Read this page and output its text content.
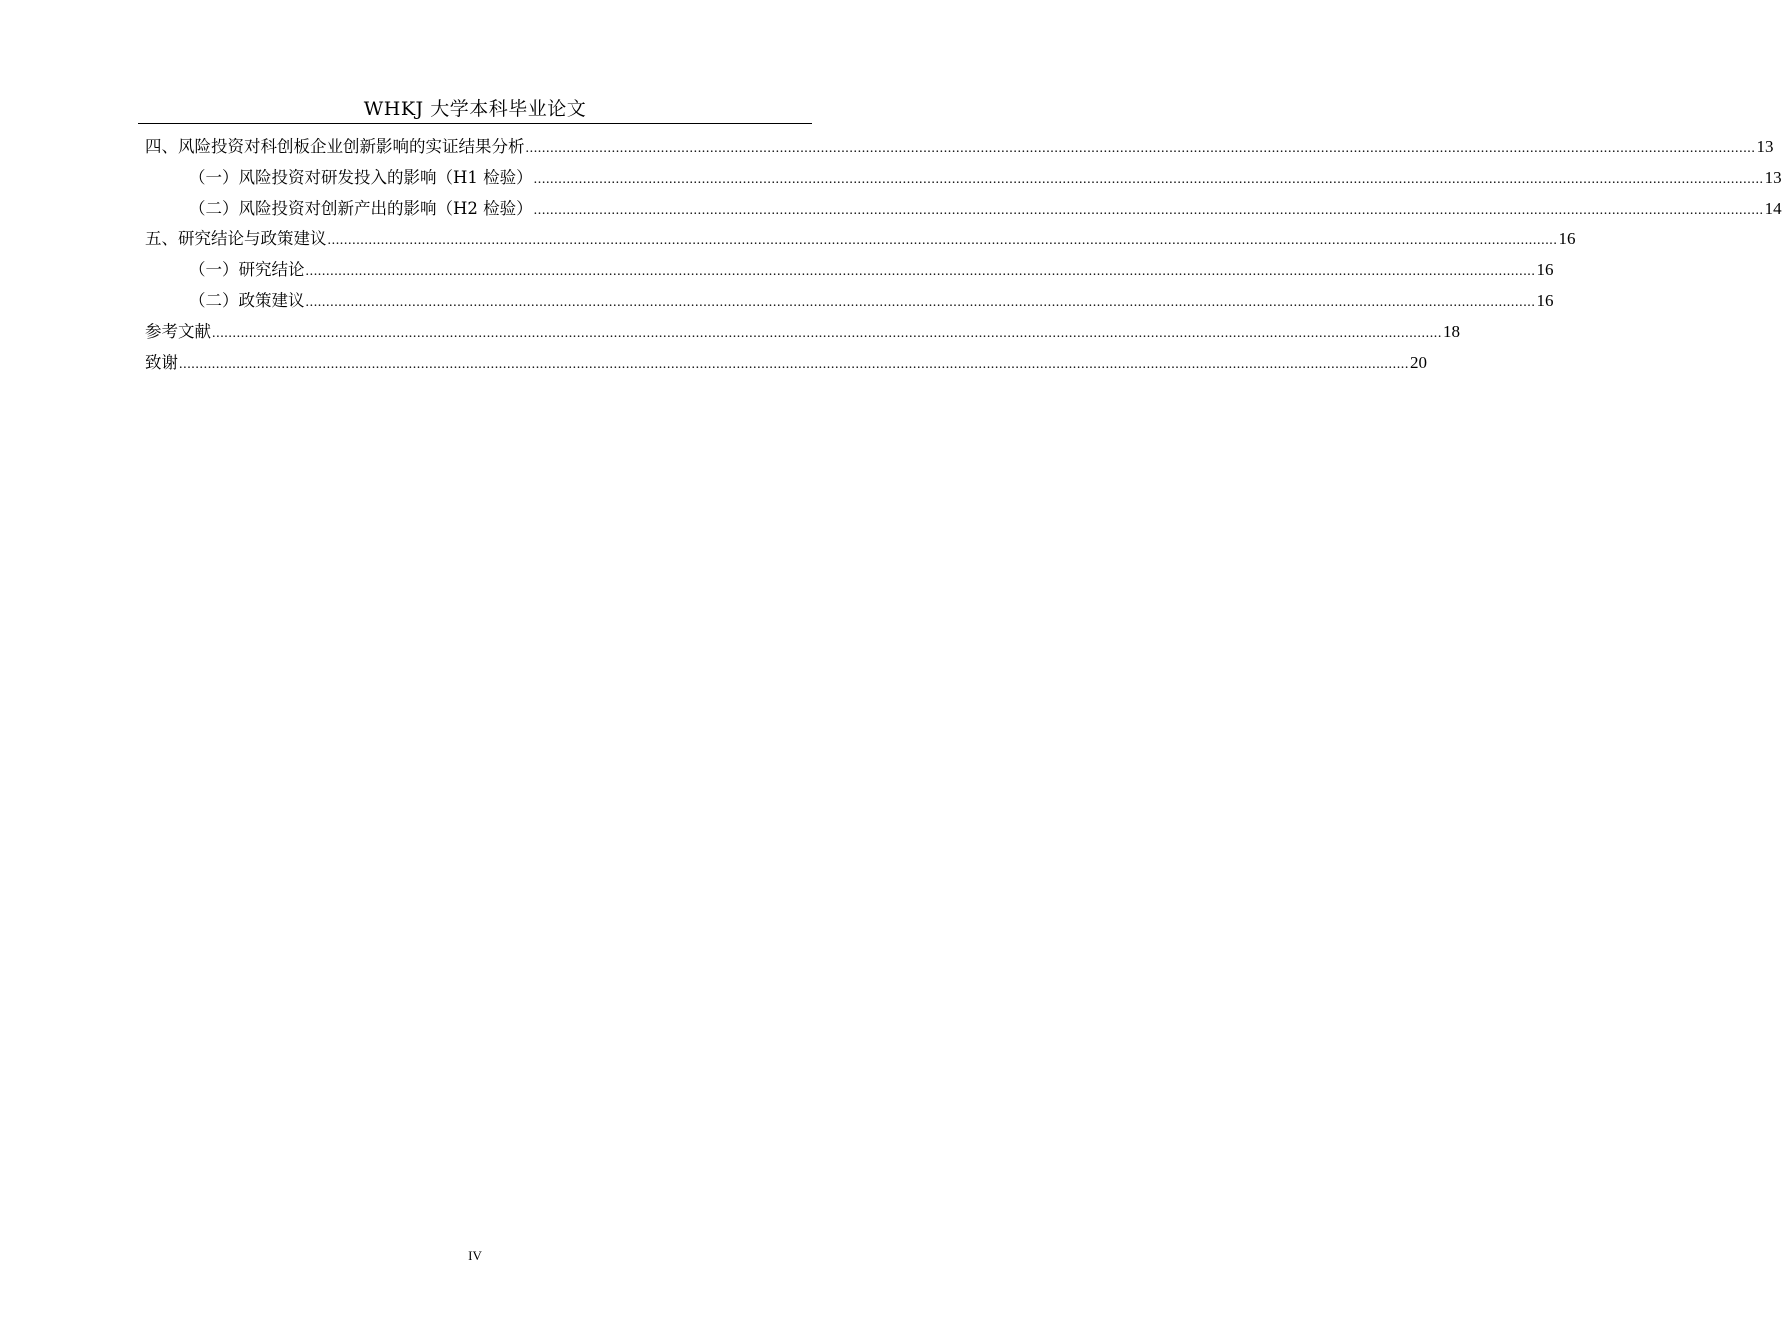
WHKJ 大学本科毕业论文
四、风险投资对科创板企业创新影响的实证结果分析 ............................................................................................................................................................................................................................................................................................................ 13
（一）风险投资对研发投入的影响（H1 检验） ............................................................................................................................................................................................................................................................................................................ 13
（二）风险投资对创新产出的影响（H2 检验） ............................................................................................................................................................................................................................................................................................................ 14
五、研究结论与政策建议 ............................................................................................................................................................................................................................................................................................................ 16
（一）研究结论 ............................................................................................................................................................................................................................................................................................................ 16
（二）政策建议 ............................................................................................................................................................................................................................................................................................................ 16
参考文献 ............................................................................................................................................................................................................................................................................................................ 18
致谢 ............................................................................................................................................................................................................................................................................................................ 20
IV
